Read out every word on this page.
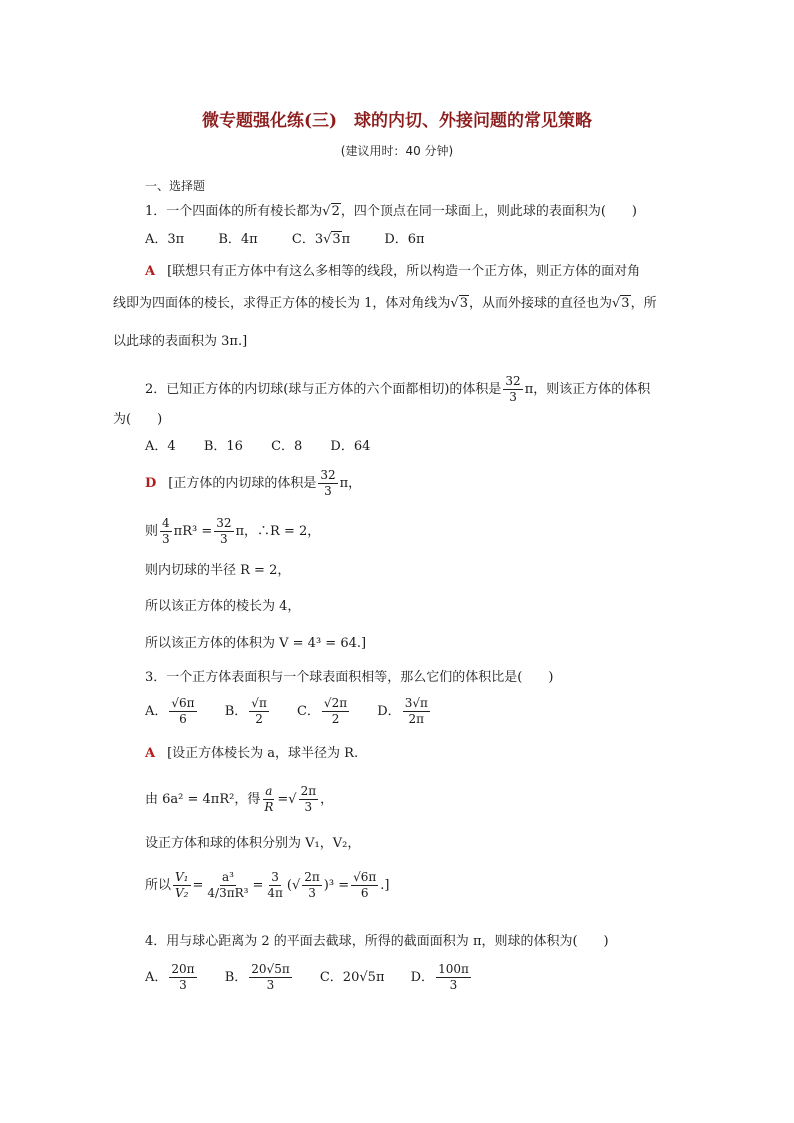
微专题强化练(三)　球的内切、外接问题的常见策略
(建议用时：40 分钟)
一、选择题
1．一个四面体的所有棱长都为√2，四个顶点在同一球面上，则此球的表面积为(　　)
A．3π	B．4π	C．3√3π	D．6π
A [联想只有正方体中有这么多相等的线段，所以构造一个正方体，则正方体的面对角
线即为四面体的棱长，求得正方体的棱长为 1，体对角线为√3，从而外接球的直径也为√3，所
以此球的表面积为 3π.]
2．已知正方体的内切球(球与正方体的六个面都相切)的体积是 $\frac{32}{3}$ π，则该正方体的体积
为(　　)
A．4 B．16 C．8 D．64
D [正方体的内切球的体积是 $\frac{32}{3}$ π，
则 $\frac{4}{3} \pi R^3 = \frac{32}{3}$ π，∴R = 2，
则内切球的半径 R = 2，
所以该正方体的棱长为 4，
所以该正方体的体积为 V = 4³ = 64.]
3．一个正方体表面积与一个球表面积相等，那么它们的体积比是(　　)
A． $\frac{√6\pi}{6}$ B． $\frac{√\pi}{2}$ C． $\frac{√2\pi}{2}$ D． $\frac{3√\pi}{2\pi}$
A [设正方体棱长为 a，球半径为 R.
由 6a² = 4πR²，得 $\frac{a}{R}$ =√ $\frac{2\pi}{3}$ ，
设正方体和球的体积分别为 V₁，V₂，
所以 $\frac{\text{V₁}}{\text{V₂}} = \frac{\text{a³}}{\text{4/3πR³}} = \frac{3}{4\pi}$ (√ $\frac{2\pi}{3} )^3 = \frac{√6\pi}{6}$ .]
4．用与球心距离为 2 的平面去截球，所得的截面面积为 π，则球的体积为(　　)
A． $\frac{20\pi}{3}$ B． $\frac{20√5\pi}{3}$ C．20√5π D． $\frac{100\pi}{3}$
